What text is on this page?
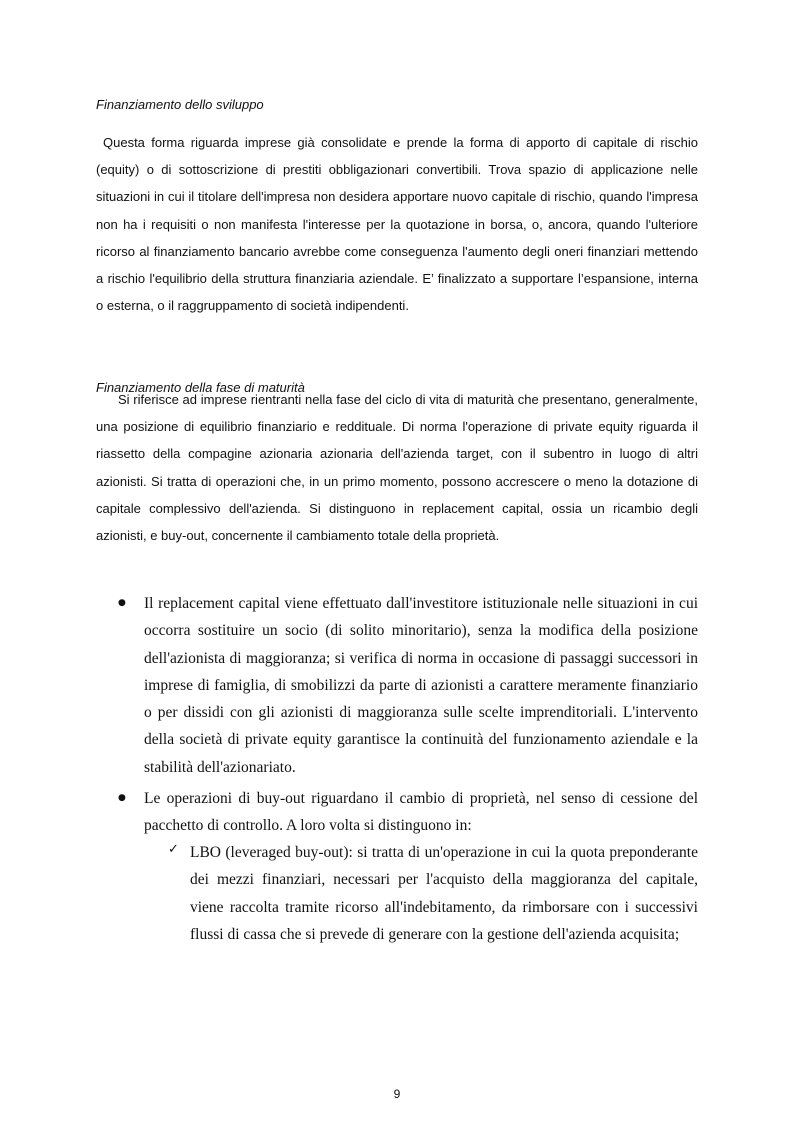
Finanziamento dello sviluppo

Questa forma riguarda imprese già consolidate e prende la forma di apporto di capitale di rischio (equity) o di sottoscrizione di prestiti obbligazionari convertibili. Trova spazio di applicazione nelle situazioni in cui il titolare dell'impresa non desidera apportare nuovo capitale di rischio, quando l'impresa non ha i requisiti o non manifesta l'interesse per la quotazione in borsa, o, ancora, quando l'ulteriore ricorso al finanziamento bancario avrebbe come conseguenza l'aumento degli oneri finanziari mettendo a rischio l'equilibrio della struttura finanziaria aziendale. E’ finalizzato a supportare l’espansione, interna o esterna, o il raggruppamento di società indipendenti.

Finanziamento della fase di maturità

Si riferisce ad imprese rientranti nella fase del ciclo di vita di maturità che presentano, generalmente, una posizione di equilibrio finanziario e reddituale. Di norma l'operazione di private equity riguarda il riassetto della compagine azionaria azionaria dell'azienda target, con il subentro in luogo di altri azionisti. Si tratta di operazioni che, in un primo momento, possono accrescere o meno la dotazione di capitale complessivo dell'azienda. Si distinguono in replacement capital, ossia un ricambio degli azionisti, e buy-out, concernente il cambiamento totale della proprietà.

● Il replacement capital viene effettuato dall'investitore istituzionale nelle situazioni in cui occorra sostituire un socio (di solito minoritario), senza la modifica della posizione dell'azionista di maggioranza; si verifica di norma in occasione di passaggi successori in imprese di famiglia, di smobilizzi da parte di azionisti a carattere meramente finanziario o per dissidi con gli azionisti di maggioranza sulle scelte imprenditoriali. L'intervento della società di private equity garantisce la continuità del funzionamento aziendale e la stabilità dell'azionariato.

● Le operazioni di buy-out riguardano il cambio di proprietà, nel senso di cessione del pacchetto di controllo. A loro volta si distinguono in:

✓ LBO (leveraged buy-out): si tratta di un'operazione in cui la quota preponderante dei mezzi finanziari, necessari per l'acquisto della maggioranza del capitale, viene raccolta tramite ricorso all'indebitamento, da rimborsare con i successivi flussi di cassa che si prevede di generare con la gestione dell'azienda acquisita;

9
